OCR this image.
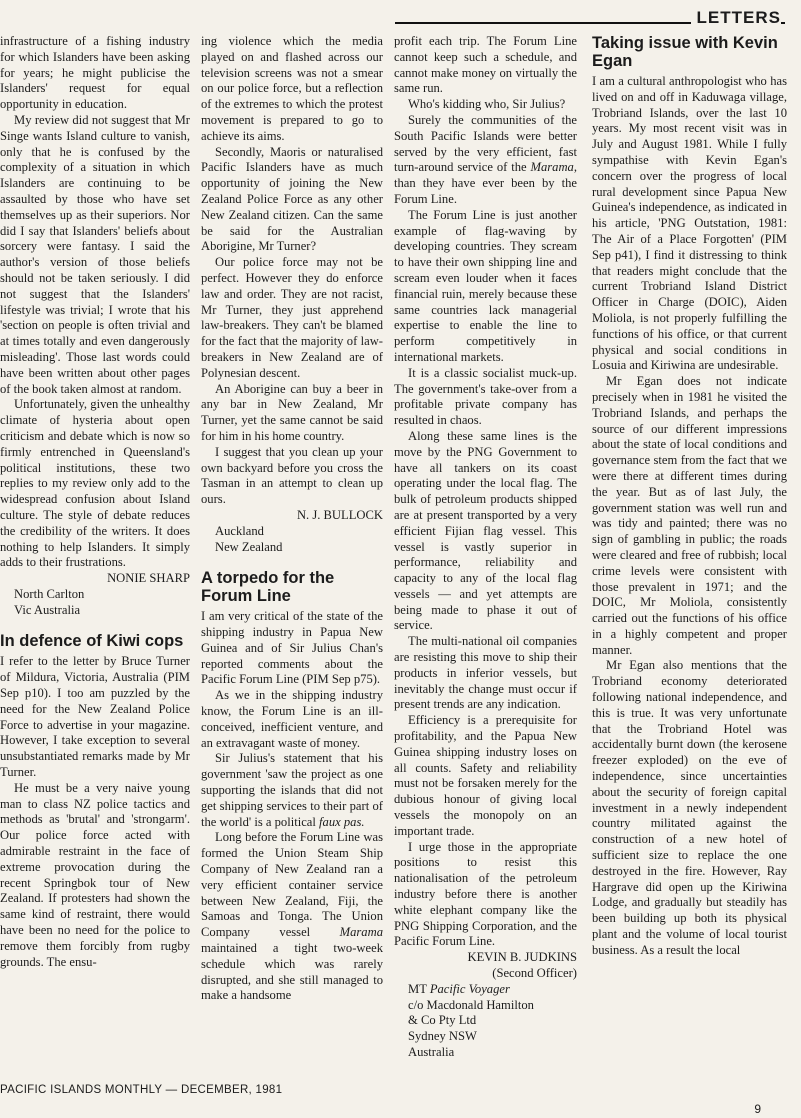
LETTERS

infrastructure of a fishing industry for which Islanders have been asking for years; he might publicise the Islanders' request for equal opportunity in education.

My review did not suggest that Mr Singe wants Island culture to vanish, only that he is confused by the complexity of a situation in which Islanders are continuing to be assaulted by those who have set themselves up as their superiors. Nor did I say that Islanders' beliefs about sorcery were fantasy. I said the author's version of those beliefs should not be taken seriously. I did not suggest that the Islanders' lifestyle was trivial; I wrote that his 'section on people is often trivial and at times totally and even dangerously misleading'. Those last words could have been written about other pages of the book taken almost at random.

Unfortunately, given the unhealthy climate of hysteria about open criticism and debate which is now so firmly entrenched in Queensland's political institutions, these two replies to my review only add to the widespread confusion about Island culture. The style of debate reduces the credibility of the writers. It does nothing to help Islanders. It simply adds to their frustrations.

NONIE SHARP

North Carlton

Vic Australia

In defence of Kiwi cops

I refer to the letter by Bruce Turner of Mildura, Victoria, Australia (PIM Sep p10). I too am puzzled by the need for the New Zealand Police Force to advertise in your magazine. However, I take exception to several unsubstantiated remarks made by Mr Turner.

He must be a very naive young man to class NZ police tactics and methods as 'brutal' and 'strongarm'. Our police force acted with admirable restraint in the face of extreme provocation during the recent Springbok tour of New Zealand. If protesters had shown the same kind of restraint, there would have been no need for the police to remove them forcibly from rugby grounds. The ensu-

ing violence which the media played on and flashed across our television screens was not a smear on our police force, but a reflection of the extremes to which the protest movement is prepared to go to achieve its aims.

Secondly, Maoris or naturalised Pacific Islanders have as much opportunity of joining the New Zealand Police Force as any other New Zealand citizen. Can the same be said for the Australian Aborigine, Mr Turner?

Our police force may not be perfect. However they do enforce law and order. They are not racist, Mr Turner, they just apprehend law-breakers. They can't be blamed for the fact that the majority of law-breakers in New Zealand are of Polynesian descent.

An Aborigine can buy a beer in any bar in New Zealand, Mr Turner, yet the same cannot be said for him in his home country.

I suggest that you clean up your own backyard before you cross the Tasman in an attempt to clean up ours.

N. J. BULLOCK

Auckland

New Zealand

A torpedo for the Forum Line

I am very critical of the state of the shipping industry in Papua New Guinea and of Sir Julius Chan's reported comments about the Pacific Forum Line (PIM Sep p75).

As we in the shipping industry know, the Forum Line is an ill-conceived, inefficient venture, and an extravagant waste of money.

Sir Julius's statement that his government 'saw the project as one supporting the islands that did not get shipping services to their part of the world' is a political faux pas.

Long before the Forum Line was formed the Union Steam Ship Company of New Zealand ran a very efficient container service between New Zealand, Fiji, the Samoas and Tonga. The Union Company vessel Marama maintained a tight two-week schedule which was rarely disrupted, and she still managed to make a handsome

profit each trip. The Forum Line cannot keep such a schedule, and cannot make money on virtually the same run.

Who's kidding who, Sir Julius?

Surely the communities of the South Pacific Islands were better served by the very efficient, fast turn-around service of the Marama, than they have ever been by the Forum Line.

The Forum Line is just another example of flag-waving by developing countries. They scream to have their own shipping line and scream even louder when it faces financial ruin, merely because these same countries lack managerial expertise to enable the line to perform competitively in international markets.

It is a classic socialist muck-up. The government's take-over from a profitable private company has resulted in chaos.

Along these same lines is the move by the PNG Government to have all tankers on its coast operating under the local flag. The bulk of petroleum products shipped are at present transported by a very efficient Fijian flag vessel. This vessel is vastly superior in performance, reliability and capacity to any of the local flag vessels — and yet attempts are being made to phase it out of service.

The multi-national oil companies are resisting this move to ship their products in inferior vessels, but inevitably the change must occur if present trends are any indication.

Efficiency is a prerequisite for profitability, and the Papua New Guinea shipping industry loses on all counts. Safety and reliability must not be forsaken merely for the dubious honour of giving local vessels the monopoly on an important trade.

I urge those in the appropriate positions to resist this nationalisation of the petroleum industry before there is another white elephant company like the PNG Shipping Corporation, and the Pacific Forum Line.

KEVIN B. JUDKINS

(Second Officer)

MT Pacific Voyager

c/o Macdonald Hamilton

& Co Pty Ltd

Sydney NSW

Australia

Taking issue with Kevin Egan

I am a cultural anthropologist who has lived on and off in Kaduwaga village, Trobriand Islands, over the last 10 years. My most recent visit was in July and August 1981. While I fully sympathise with Kevin Egan's concern over the progress of local rural development since Papua New Guinea's independence, as indicated in his article, 'PNG Outstation, 1981: The Air of a Place Forgotten' (PIM Sep p41), I find it distressing to think that readers might conclude that the current Trobriand Island District Officer in Charge (DOIC), Aiden Moliola, is not properly fulfilling the functions of his office, or that current physical and social conditions in Losuia and Kiriwina are undesirable.

Mr Egan does not indicate precisely when in 1981 he visited the Trobriand Islands, and perhaps the source of our different impressions about the state of local conditions and governance stem from the fact that we were there at different times during the year. But as of last July, the government station was well run and was tidy and painted; there was no sign of gambling in public; the roads were cleared and free of rubbish; local crime levels were consistent with those prevalent in 1971; and the DOIC, Mr Moliola, consistently carried out the functions of his office in a highly competent and proper manner.

Mr Egan also mentions that the Trobriand economy deteriorated following national independence, and this is true. It was very unfortunate that the Trobriand Hotel was accidentally burnt down (the kerosene freezer exploded) on the eve of independence, since uncertainties about the security of foreign capital investment in a newly independent country militated against the construction of a new hotel of sufficient size to replace the one destroyed in the fire. However, Ray Hargrave did open up the Kiriwina Lodge, and gradually but steadily has been building up both its physical plant and the volume of local tourist business. As a result the local

PACIFIC ISLANDS MONTHLY — DECEMBER, 1981
9
